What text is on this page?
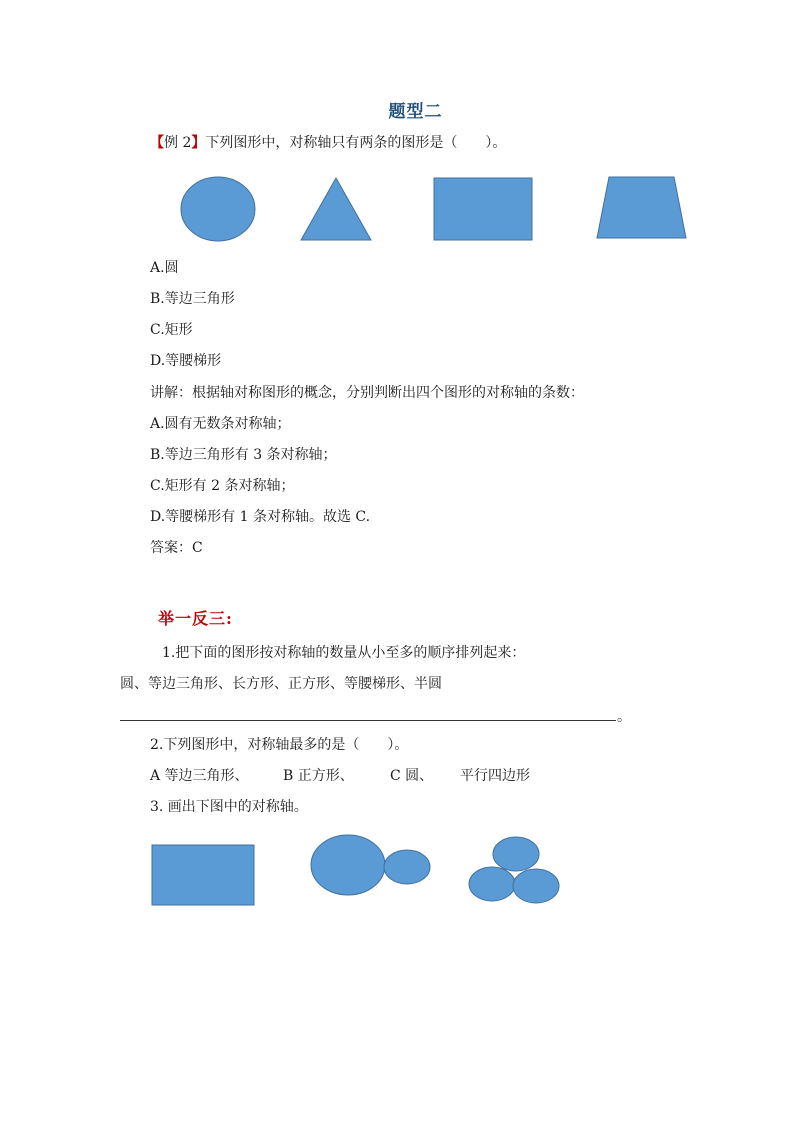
题型二
【例 2】下列图形中，对称轴只有两条的图形是（　　）。
A.圆
B.等边三角形
C.矩形
D.等腰梯形
讲解：根据轴对称图形的概念，分别判断出四个图形的对称轴的条数：
A.圆有无数条对称轴；
B.等边三角形有 3 条对称轴；
C.矩形有 2 条对称轴；
D.等腰梯形有 1 条对称轴。故选 C.
答案：C
举一反三:
1.把下面的图形按对称轴的数量从小至多的顺序排列起来：
圆、等边三角形、长方形、正方形、等腰梯形、半圆
。
2.下列图形中，对称轴最多的是（　　）。
A 等边三角形、 B 正方形、	C 圆、 平行四边形
3. 画出下图中的对称轴。
